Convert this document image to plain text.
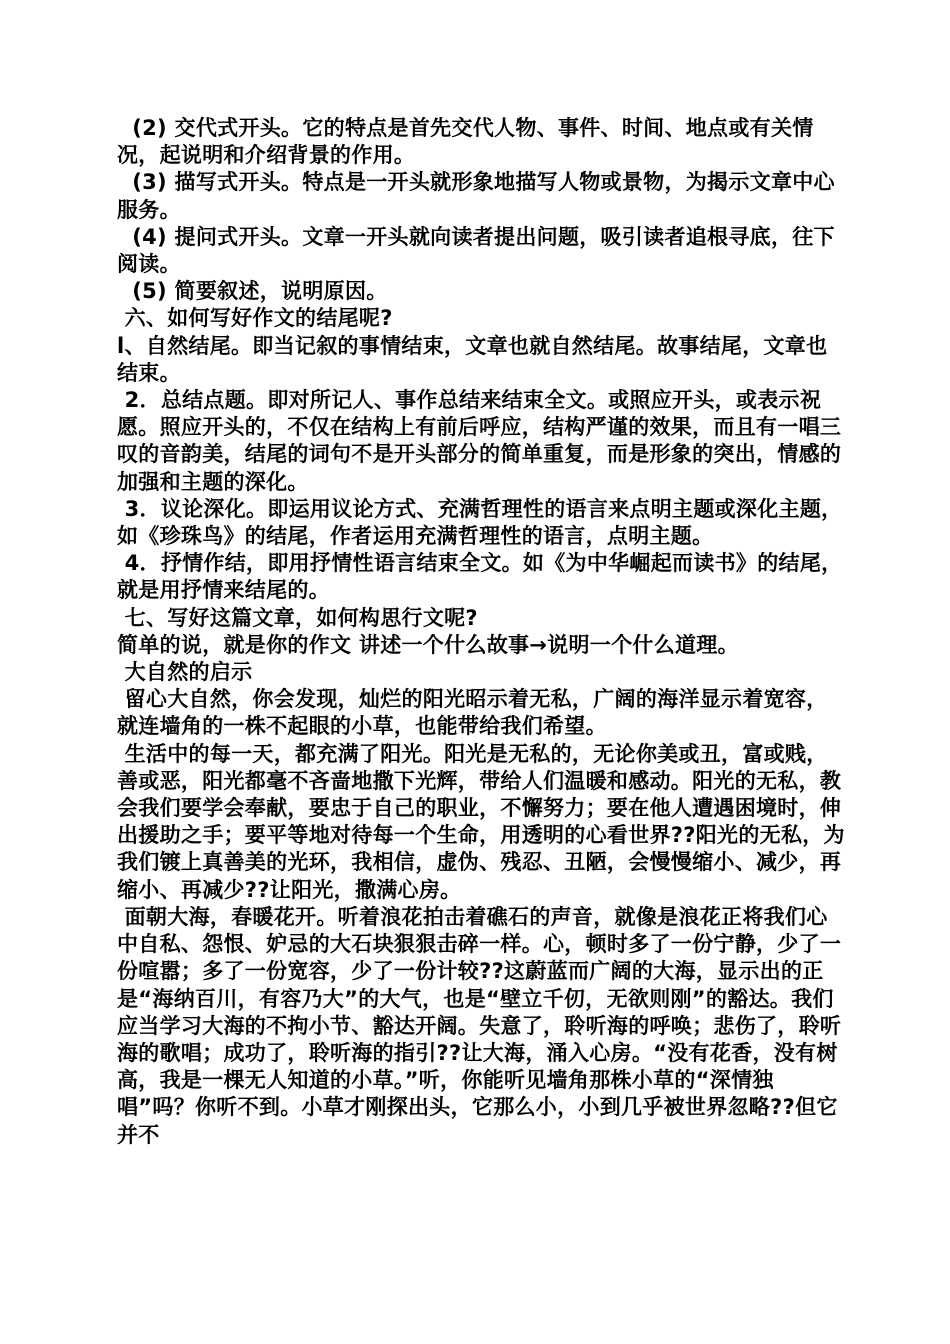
(2) 交代式开头。它的特点是首先交代人物、事件、时间、地点或有关情况，起说明和介绍背景的作用。

(3) 描写式开头。特点是一开头就形象地描写人物或景物，为揭示文章中心服务。

(4) 提问式开头。文章一开头就向读者提出问题，吸引读者追根寻底，往下阅读。

(5) 简要叙述，说明原因。

六、如何写好作文的结尾呢?

l、自然结尾。即当记叙的事情结束，文章也就自然结尾。故事结尾，文章也结束。

2．总结点题。即对所记人、事作总结来结束全文。或照应开头，或表示祝愿。照应开头的，不仅在结构上有前后呼应，结构严谨的效果，而且有一唱三叹的音韵美，结尾的词句不是开头部分的简单重复，而是形象的突出，情感的加强和主题的深化。

3．议论深化。即运用议论方式、充满哲理性的语言来点明主题或深化主题，如《珍珠鸟》的结尾，作者运用充满哲理性的语言，点明主题。

4．抒情作结，即用抒情性语言结束全文。如《为中华崛起而读书》的结尾，就是用抒情来结尾的。

七、写好这篇文章，如何构思行文呢?

简单的说，就是你的作文 讲述一个什么故事→说明一个什么道理。

大自然的启示

留心大自然，你会发现，灿烂的阳光昭示着无私，广阔的海洋显示着宽容，就连墙角的一株不起眼的小草，也能带给我们希望。

生活中的每一天，都充满了阳光。阳光是无私的，无论你美或丑，富或贱，善或恶，阳光都毫不吝啬地撒下光辉，带给人们温暖和感动。阳光的无私，教会我们要学会奉献，要忠于自己的职业，不懈努力；要在他人遭遇困境时，伸出援助之手；要平等地对待每一个生命，用透明的心看世界??阳光的无私，为我们镀上真善美的光环，我相信，虚伪、残忍、丑陋，会慢慢缩小、减少，再缩小、再减少??让阳光，撒满心房。

面朝大海，春暖花开。听着浪花拍击着礁石的声音，就像是浪花正将我们心中自私、怨恨、妒忌的大石块狠狠击碎一样。心，顿时多了一份宁静，少了一份喧嚣；多了一份宽容，少了一份计较??这蔚蓝而广阔的大海，显示出的正是“海纳百川，有容乃大”的大气，也是“壁立千仞，无欲则刚”的豁达。我们应当学习大海的不拘小节、豁达开阔。失意了，聆听海的呼唤；悲伤了，聆听海的歌唱；成功了，聆听海的指引??让大海，涌入心房。“没有花香，没有树高，我是一棵无人知道的小草。”听，你能听见墙角那株小草的“深情独唱”吗？你听不到。小草才刚探出头，它那么小，小到几乎被世界忽略??但它并不
